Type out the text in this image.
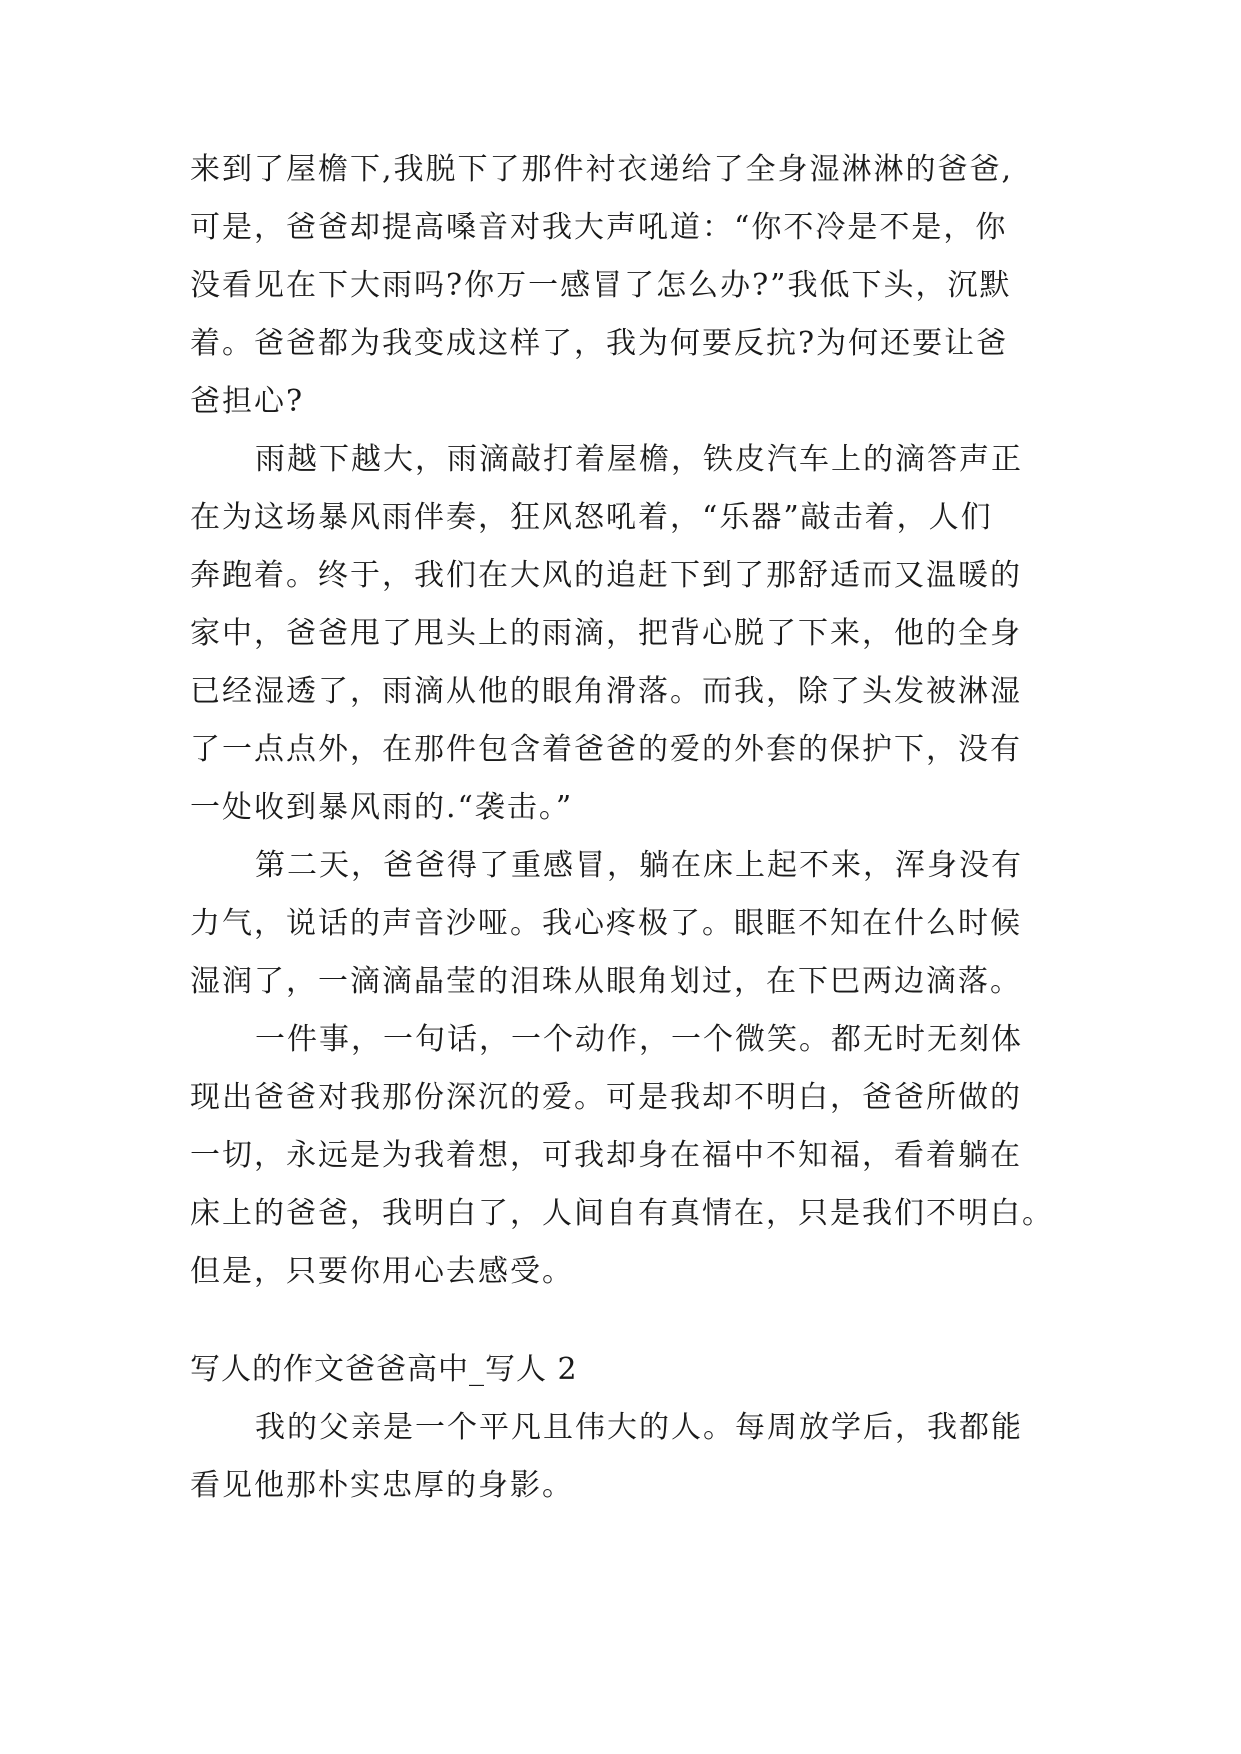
来到了屋檐下,我脱下了那件衬衣递给了全身湿淋淋的爸爸,
可是，爸爸却提高嗓音对我大声吼道：“你不冷是不是，你
没看见在下大雨吗?你万一感冒了怎么办?”我低下头，沉默
着。爸爸都为我变成这样了，我为何要反抗?为何还要让爸
爸担心?
雨越下越大，雨滴敲打着屋檐，铁皮汽车上的滴答声正
在为这场暴风雨伴奏，狂风怒吼着，“乐器”敲击着，人们
奔跑着。终于，我们在大风的追赶下到了那舒适而又温暖的
家中，爸爸甩了甩头上的雨滴，把背心脱了下来，他的全身
已经湿透了，雨滴从他的眼角滑落。而我，除了头发被淋湿
了一点点外，在那件包含着爸爸的爱的外套的保护下，没有
一处收到暴风雨的.“袭击。”
第二天，爸爸得了重感冒，躺在床上起不来，浑身没有
力气，说话的声音沙哑。我心疼极了。眼眶不知在什么时候
湿润了，一滴滴晶莹的泪珠从眼角划过，在下巴两边滴落。
一件事，一句话，一个动作，一个微笑。都无时无刻体
现出爸爸对我那份深沉的爱。可是我却不明白，爸爸所做的
一切，永远是为我着想，可我却身在福中不知福，看着躺在
床上的爸爸，我明白了，人间自有真情在，只是我们不明白。
但是，只要你用心去感受。
写人的作文爸爸高中_写人 2
我的父亲是一个平凡且伟大的人。每周放学后，我都能
看见他那朴实忠厚的身影。
